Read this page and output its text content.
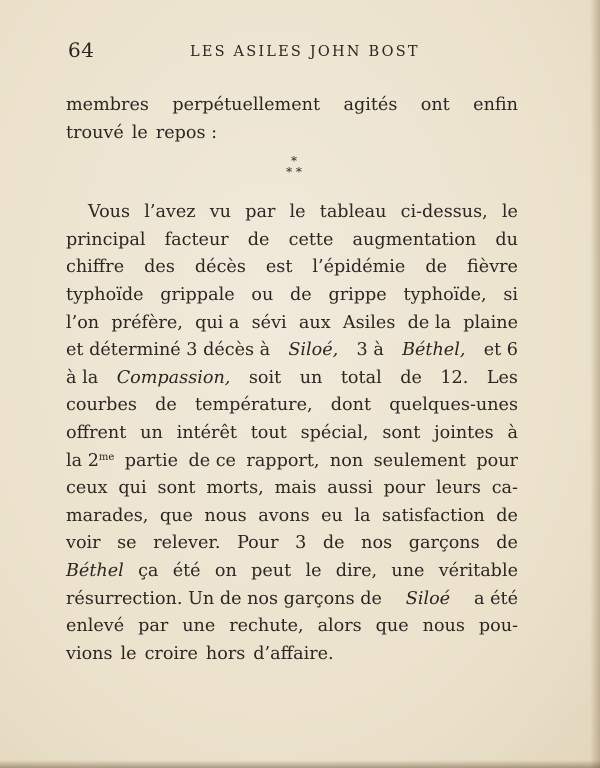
64	LES ASILES JOHN BOST
*
* *
membres perpétuellement agités ont enfin
trouvé le repos :
Vous l’avez vu par le tableau ci-dessus, le
principal facteur de cette augmentation du
chiffre des décès est l’épidémie de fièvre
typhoïde grippale ou de grippe typhoïde, si
l’on préfère, qui a sévi aux Asiles de la plaine
et déterminé 3 décès à Siloé, 3 à Béthel, et 6
à la Compassion, soit un total de 12. Les
courbes de température, dont quelques-unes
offrent un intérêt tout spécial, sont jointes à
la $2^{me}$ partie de ce rapport, non seulement pour
ceux qui sont morts, mais aussi pour leurs ca-
marades, que nous avons eu la satisfaction de
voir se relever. Pour 3 de nos garçons de
Béthel ça été on peut le dire, une véritable
résurrection. Un de nos garçons de Siloé a été
enlevé par une rechute, alors que nous pou-
vions le croire hors d’affaire.
